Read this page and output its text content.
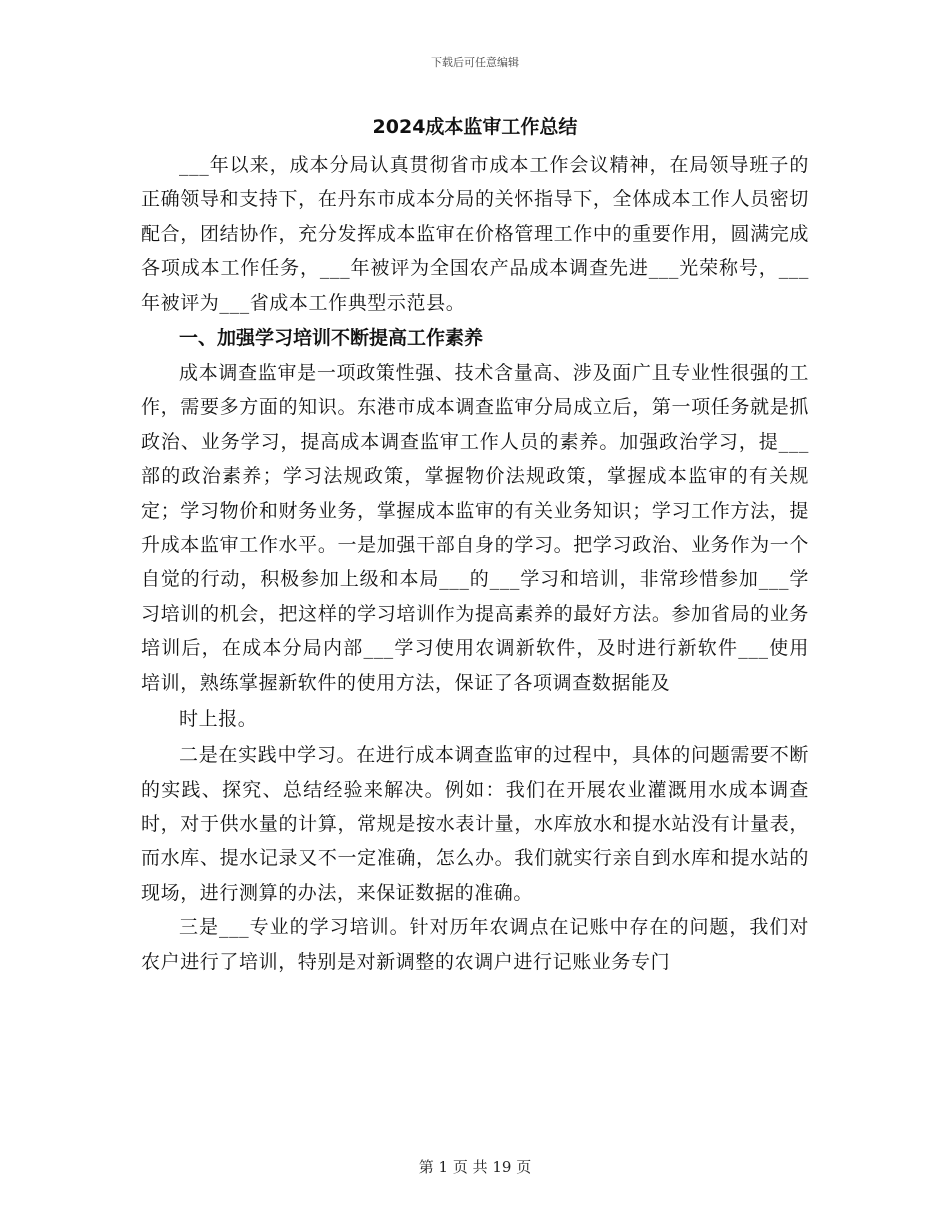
下载后可任意编辑
2024成本监审工作总结

___年以来，成本分局认真贯彻省市成本工作会议精神，在局领导班子的正确领导和支持下，在丹东市成本分局的关怀指导下，全体成本工作人员密切配合，团结协作，充分发挥成本监审在价格管理工作中的重要作用，圆满完成各项成本工作任务，___年被评为全国农产品成本调查先进___光荣称号，___年被评为___省成本工作典型示范县。

一、加强学习培训不断提高工作素养

成本调查监审是一项政策性强、技术含量高、涉及面广且专业性很强的工作，需要多方面的知识。东港市成本调查监审分局成立后，第一项任务就是抓政治、业务学习，提高成本调查监审工作人员的素养。加强政治学习，提___部的政治素养；学习法规政策，掌握物价法规政策，掌握成本监审的有关规定；学习物价和财务业务，掌握成本监审的有关业务知识；学习工作方法，提升成本监审工作水平。一是加强干部自身的学习。把学习政治、业务作为一个自觉的行动，积极参加上级和本局___的___学习和培训，非常珍惜参加___学习培训的机会，把这样的学习培训作为提高素养的最好方法。参加省局的业务培训后，在成本分局内部___学习使用农调新软件，及时进行新软件___使用培训，熟练掌握新软件的使用方法，保证了各项调查数据能及

时上报。

二是在实践中学习。在进行成本调查监审的过程中，具体的问题需要不断的实践、探究、总结经验来解决。例如：我们在开展农业灌溉用水成本调查时，对于供水量的计算，常规是按水表计量，水库放水和提水站没有计量表，而水库、提水记录又不一定准确，怎么办。我们就实行亲自到水库和提水站的现场，进行测算的办法，来保证数据的准确。

三是___专业的学习培训。针对历年农调点在记账中存在的问题，我们对农户进行了培训，特别是对新调整的农调户进行记账业务专门

第 1 页 共 19 页
